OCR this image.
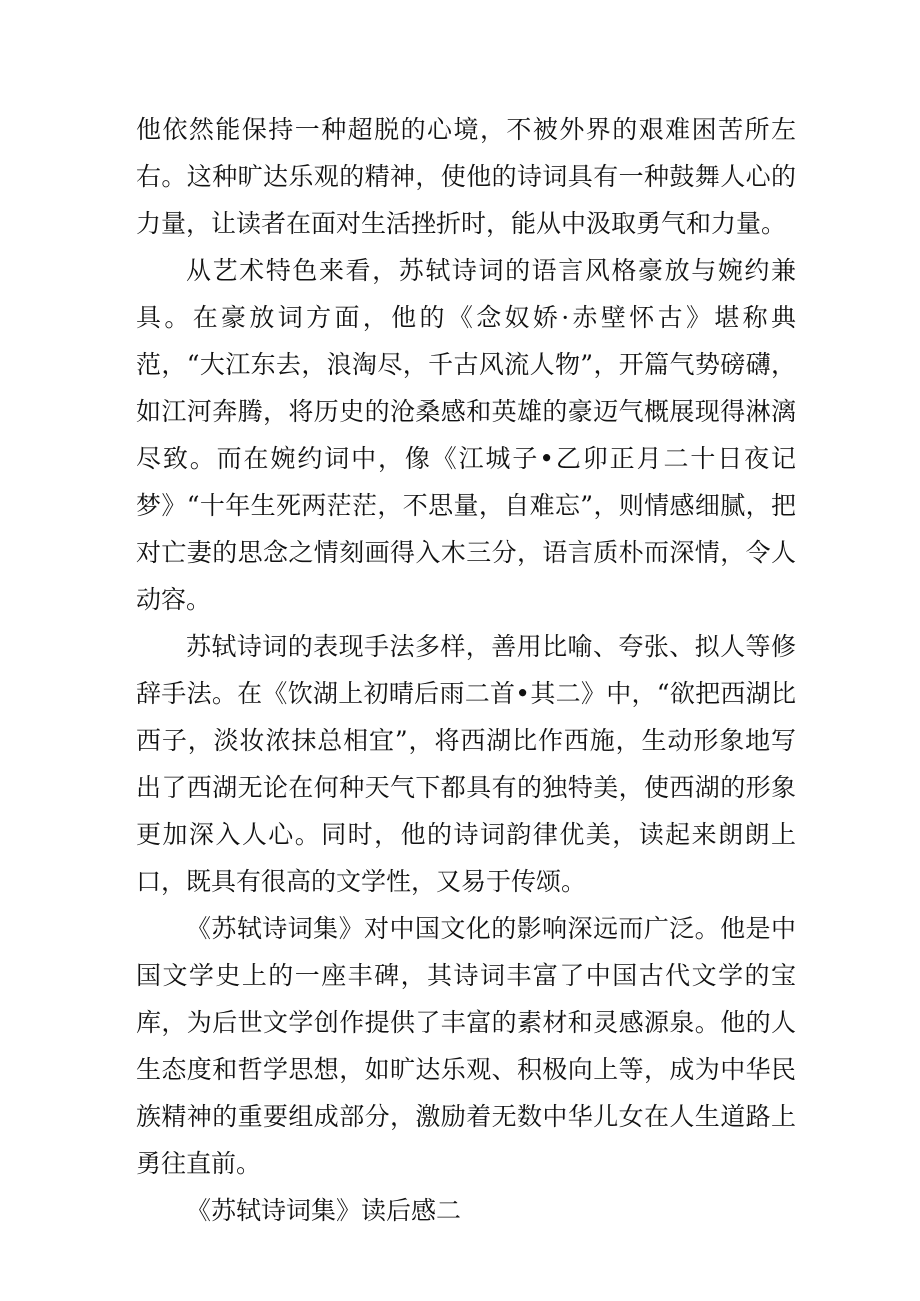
他依然能保持一种超脱的心境，不被外界的艰难困苦所左右。这种旷达乐观的精神，使他的诗词具有一种鼓舞人心的力量，让读者在面对生活挫折时，能从中汲取勇气和力量。

从艺术特色来看，苏轼诗词的语言风格豪放与婉约兼具。在豪放词方面，他的《念奴娇·赤壁怀古》堪称典范，“大江东去，浪淘尽，千古风流人物”，开篇气势磅礴，如江河奔腾，将历史的沧桑感和英雄的豪迈气概展现得淋漓尽致。而在婉约词中，像《江城子•乙卯正月二十日夜记梦》“十年生死两茫茫，不思量，自难忘”，则情感细腻，把对亡妻的思念之情刻画得入木三分，语言质朴而深情，令人动容。

苏轼诗词的表现手法多样，善用比喻、夸张、拟人等修辞手法。在《饮湖上初晴后雨二首•其二》中，“欲把西湖比西子，淡妆浓抹总相宜”，将西湖比作西施，生动形象地写出了西湖无论在何种天气下都具有的独特美，使西湖的形象更加深入人心。同时，他的诗词韵律优美，读起来朗朗上口，既具有很高的文学性，又易于传颂。

《苏轼诗词集》对中国文化的影响深远而广泛。他是中国文学史上的一座丰碑，其诗词丰富了中国古代文学的宝库，为后世文学创作提供了丰富的素材和灵感源泉。他的人生态度和哲学思想，如旷达乐观、积极向上等，成为中华民族精神的重要组成部分，激励着无数中华儿女在人生道路上勇往直前。

《苏轼诗词集》读后感二
